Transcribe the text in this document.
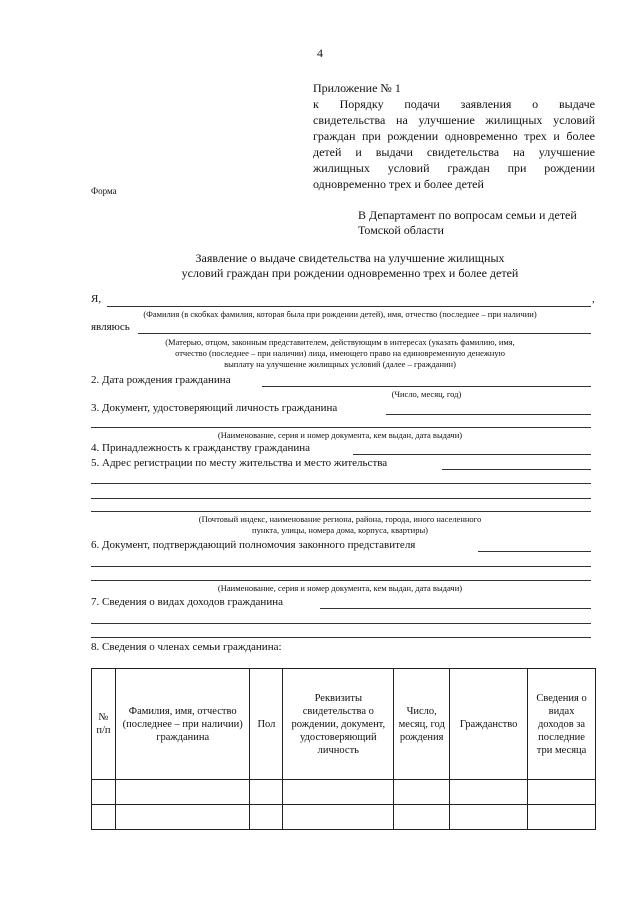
4
Приложение № 1
к Порядку подачи заявления о выдаче
свидетельства на улучшение жилищных условий
граждан при рождении одновременно трех и более
детей и выдачи свидетельства на улучшение
жилищных условий граждан при рождении
одновременно трех и более детей
Форма
В Департамент по вопросам семьи и детей
Томской области
Заявление о выдаче свидетельства на улучшение жилищных
условий граждан при рождении одновременно трех и более детей
Я,	,
(Фамилия (в скобках фамилия, которая была при рождении детей), имя, отчество (последнее – при наличии)
являюсь
(Матерью, отцом, законным представителем, действующим в интересах (указать фамилию, имя,
отчество (последнее – при наличии) лица, имеющего право на единовременную денежную
выплату на улучшение жилищных условий (далее – гражданин)
2. Дата рождения гражданина
(Число, месяц, год)
3. Документ, удостоверяющий личность гражданина
(Наименование, серия и номер документа, кем выдан, дата выдачи)
4. Принадлежность к гражданству гражданина
5. Адрес регистрации по месту жительства и место жительства
(Почтовый индекс, наименование региона, района, города, иного населенного
пункта, улицы, номера дома, корпуса, квартиры)
6. Документ, подтверждающий полномочия законного представителя
(Наименование, серия и номер документа, кем выдан, дата выдачи)
7. Сведения о видах доходов гражданина
8. Сведения о членах семьи гражданина:
№ п/п	Фамилия, имя, отчество (последнее – при наличии) гражданина	Пол	Реквизиты свидетельства о рождении, документ, удостоверяющий личность	Число, месяц, год рождения	Гражданство	Сведения о видах доходов за последние три месяца
